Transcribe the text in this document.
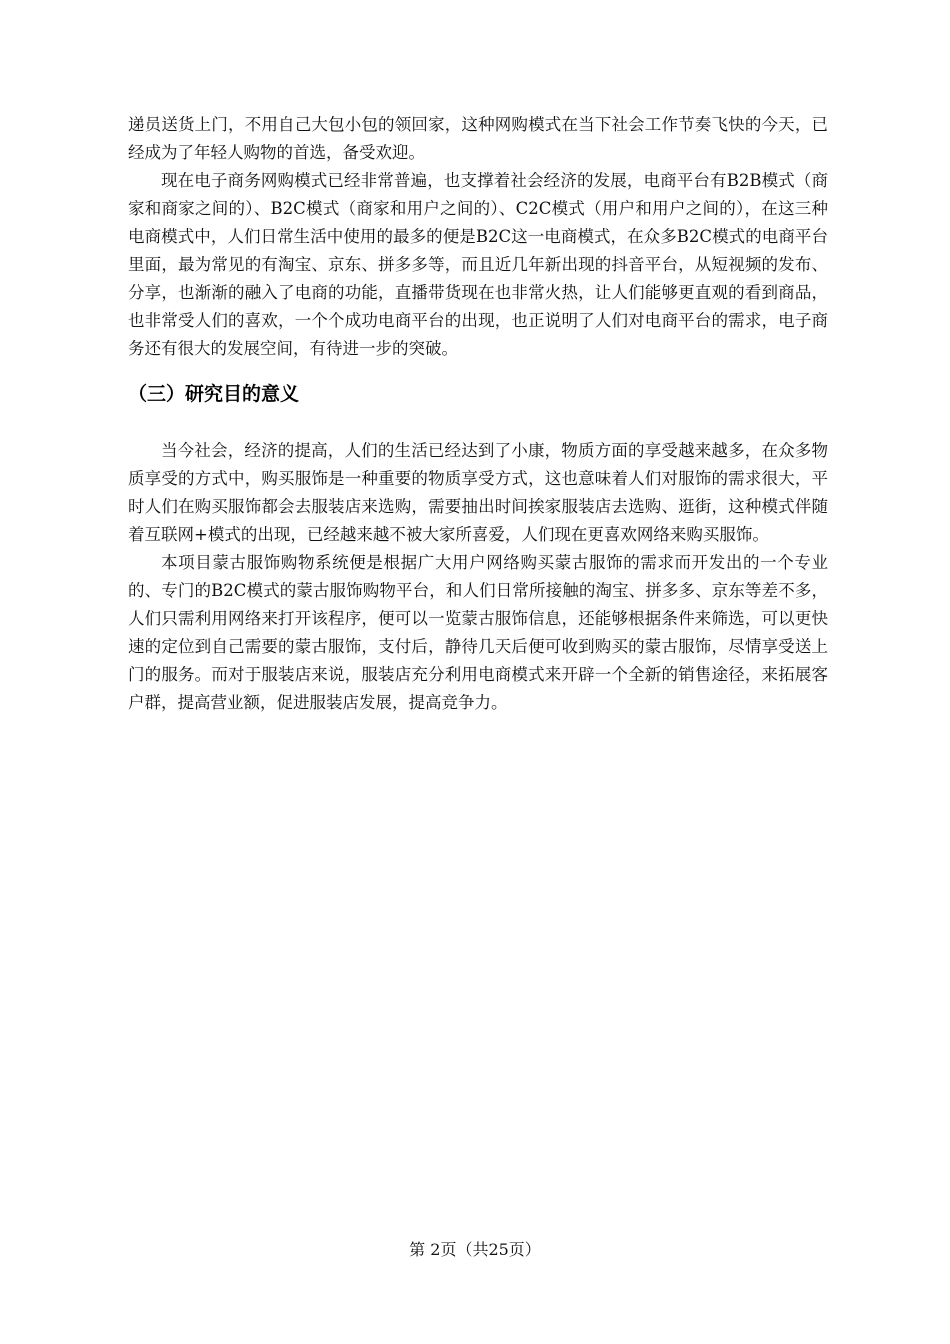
递员送货上门，不用自己大包小包的领回家，这种网购模式在当下社会工作节奏飞快的今天，已经成为了年轻人购物的首选，备受欢迎。

现在电子商务网购模式已经非常普遍，也支撑着社会经济的发展，电商平台有B2B模式（商家和商家之间的）、B2C模式（商家和用户之间的）、C2C模式（用户和用户之间的），在这三种电商模式中，人们日常生活中使用的最多的便是B2C这一电商模式，在众多B2C模式的电商平台里面，最为常见的有淘宝、京东、拼多多等，而且近几年新出现的抖音平台，从短视频的发布、分享，也渐渐的融入了电商的功能，直播带货现在也非常火热，让人们能够更直观的看到商品，也非常受人们的喜欢，一个个成功电商平台的出现，也正说明了人们对电商平台的需求，电子商务还有很大的发展空间，有待进一步的突破。

（三）研究目的意义

当今社会，经济的提高，人们的生活已经达到了小康，物质方面的享受越来越多，在众多物质享受的方式中，购买服饰是一种重要的物质享受方式，这也意味着人们对服饰的需求很大，平时人们在购买服饰都会去服装店来选购，需要抽出时间挨家服装店去选购、逛街，这种模式伴随着互联网+模式的出现，已经越来越不被大家所喜爱，人们现在更喜欢网络来购买服饰。

本项目蒙古服饰购物系统便是根据广大用户网络购买蒙古服饰的需求而开发出的一个专业的、专门的B2C模式的蒙古服饰购物平台，和人们日常所接触的淘宝、拼多多、京东等差不多，人们只需利用网络来打开该程序，便可以一览蒙古服饰信息，还能够根据条件来筛选，可以更快速的定位到自己需要的蒙古服饰，支付后，静待几天后便可收到购买的蒙古服饰，尽情享受送上门的服务。而对于服装店来说，服装店充分利用电商模式来开辟一个全新的销售途径，来拓展客户群，提高营业额，促进服装店发展，提高竞争力。

第 2页（共25页）
